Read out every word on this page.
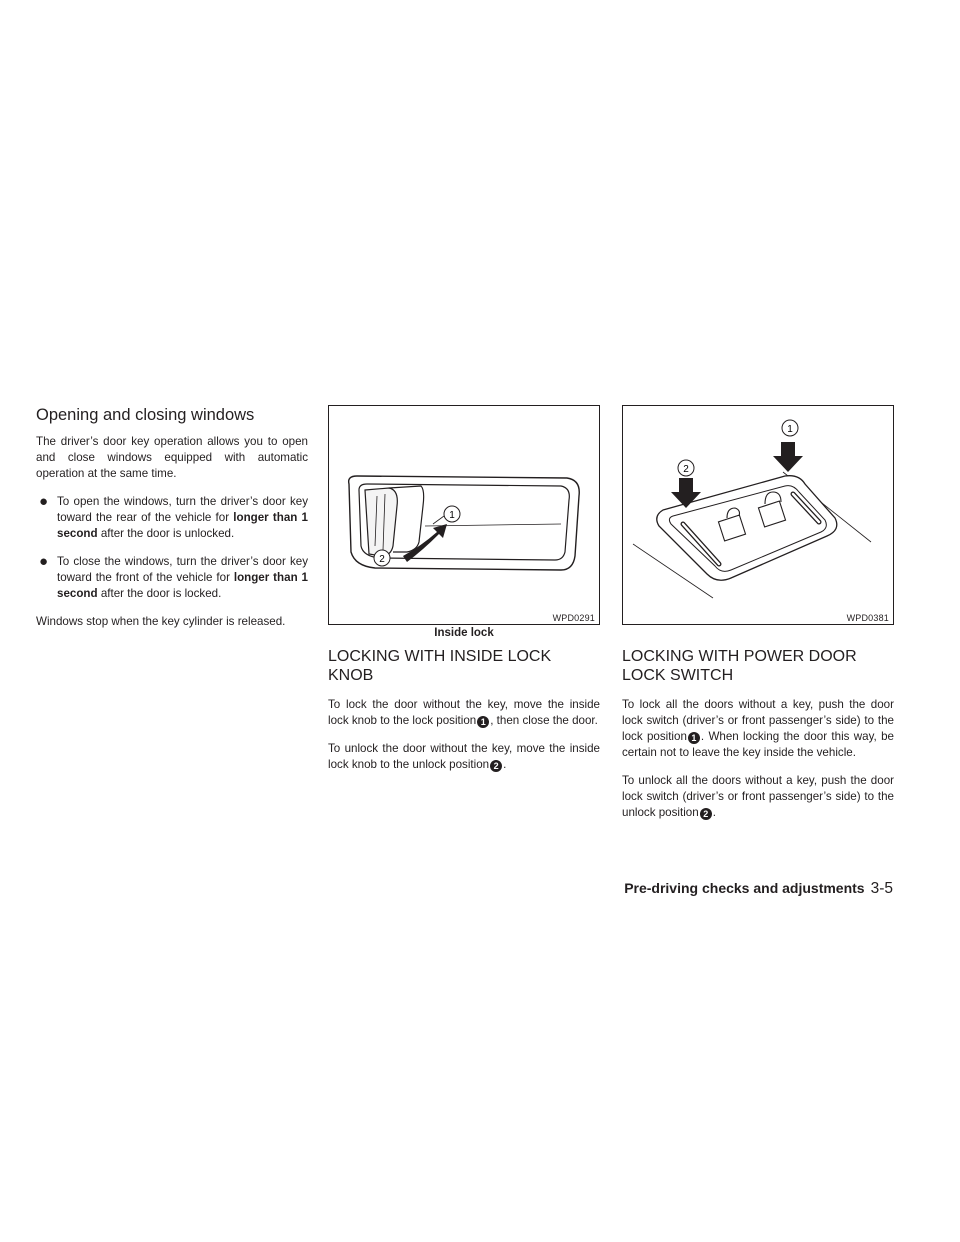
Opening and closing windows

The driver’s door key operation allows you to open and close windows equipped with automatic operation at the same time.

● To open the windows, turn the driver’s door key toward the rear of the vehicle for longer than 1 second after the door is unlocked.
● To close the windows, turn the driver’s door key toward the front of the vehicle for longer than 1 second after the door is locked.

Windows stop when the key cylinder is released.

1
2
WPD0291
Inside lock
LOCKING WITH INSIDE LOCK KNOB

To lock the door without the key, move the inside lock knob to the lock position 1 , then close the door.

To unlock the door without the key, move the inside lock knob to the unlock position 2 .

1
2
WPD0381
LOCKING WITH POWER DOOR LOCK SWITCH

To lock all the doors without a key, push the door lock switch (driver’s or front passenger’s side) to the lock position 1 . When locking the door this way, be certain not to leave the key inside the vehicle.

To unlock all the doors without a key, push the door lock switch (driver’s or front passenger’s side) to the unlock position 2 .

Pre-driving checks and adjustments 3-5
